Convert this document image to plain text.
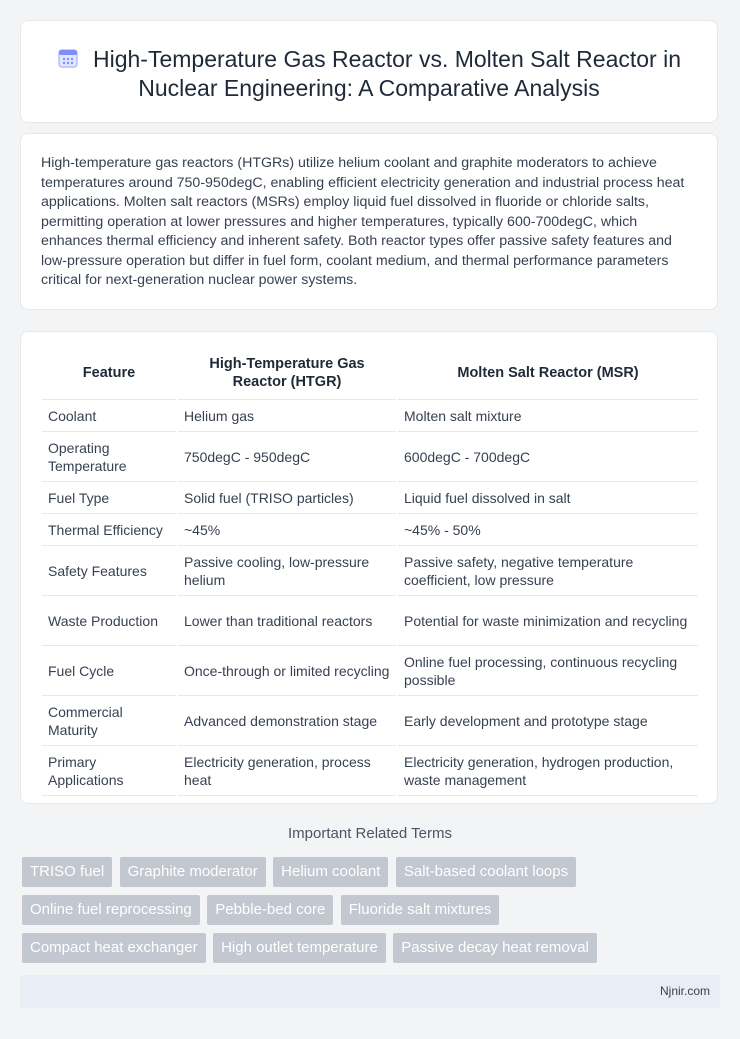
High-Temperature Gas Reactor vs. Molten Salt Reactor in Nuclear Engineering: A Comparative Analysis
High-temperature gas reactors (HTGRs) utilize helium coolant and graphite moderators to achieve temperatures around 750-950degC, enabling efficient electricity generation and industrial process heat applications. Molten salt reactors (MSRs) employ liquid fuel dissolved in fluoride or chloride salts, permitting operation at lower pressures and higher temperatures, typically 600-700degC, which enhances thermal efficiency and inherent safety. Both reactor types offer passive safety features and low-pressure operation but differ in fuel form, coolant medium, and thermal performance parameters critical for next-generation nuclear power systems.
Feature	High-Temperature Gas Reactor (HTGR)	Molten Salt Reactor (MSR)
Coolant	Helium gas	Molten salt mixture
Operating Temperature	750degC - 950degC	600degC - 700degC
Fuel Type	Solid fuel (TRISO particles)	Liquid fuel dissolved in salt
Thermal Efficiency	~45%	~45% - 50%
Safety Features	Passive cooling, low-pressure helium	Passive safety, negative temperature coefficient, low pressure
Waste Production	Lower than traditional reactors	Potential for waste minimization and recycling
Fuel Cycle	Once-through or limited recycling	Online fuel processing, continuous recycling possible
Commercial Maturity	Advanced demonstration stage	Early development and prototype stage
Primary Applications	Electricity generation, process heat	Electricity generation, hydrogen production, waste management
Important Related Terms
TRISO fuel Graphite moderator Helium coolant Salt-based coolant loops
Online fuel reprocessing Pebble-bed core Fluoride salt mixtures
Compact heat exchanger High outlet temperature Passive decay heat removal
Njnir.com
